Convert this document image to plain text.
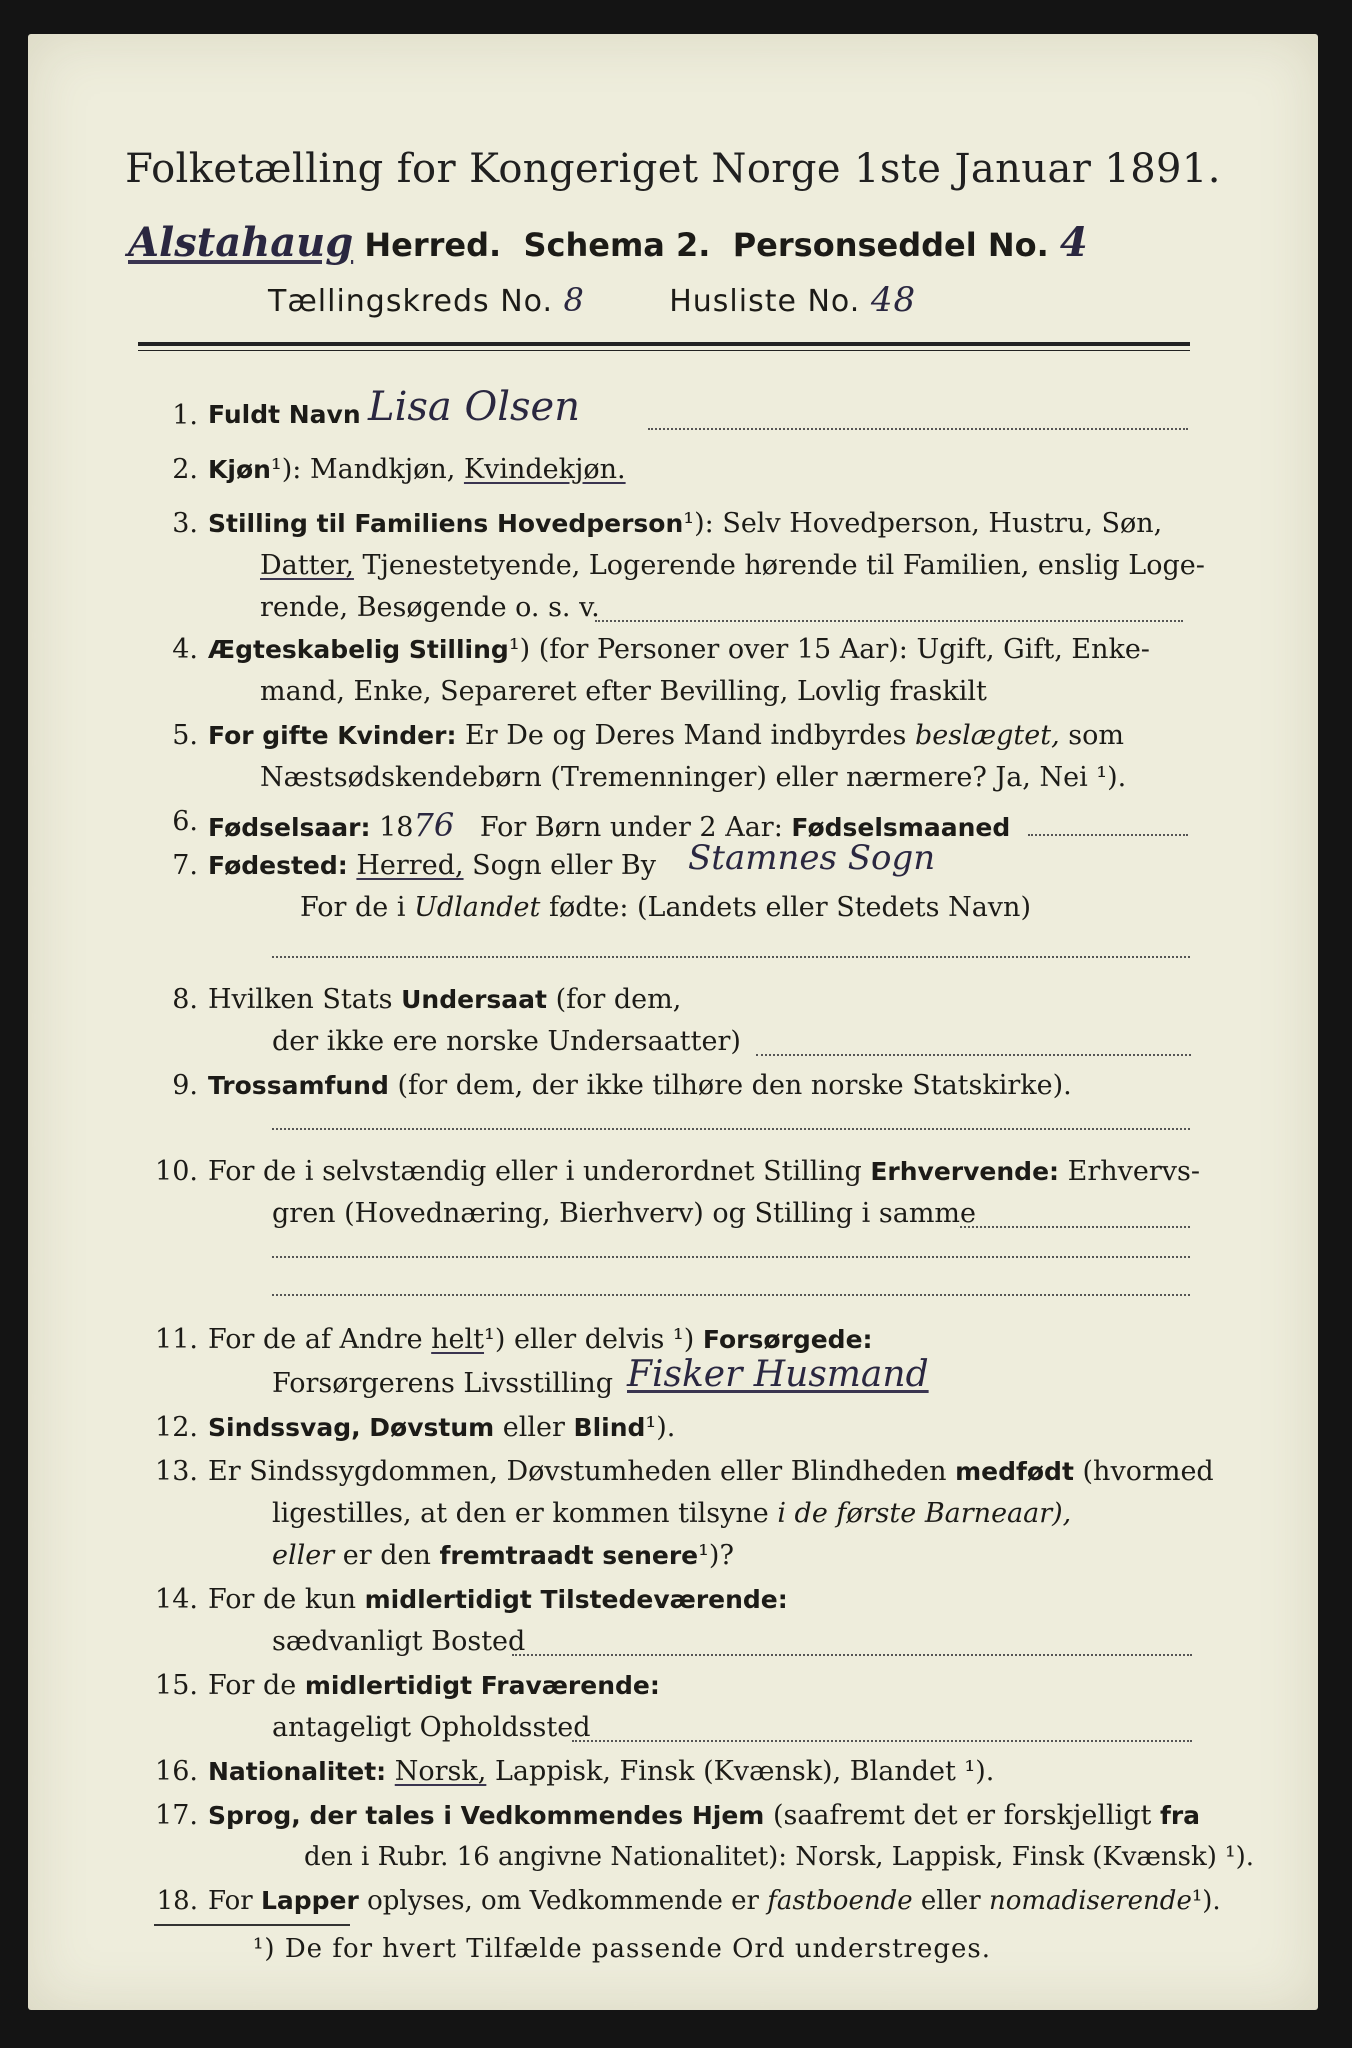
Folketælling for Kongeriget Norge 1ste Januar 1891.
Alstahaug Herred. Schema 2. Personseddel No. 4
Tællingskreds No. 8	Husliste No. 48
1. Fuldt Navn Lisa Olsen
2. Kjøn¹): Mandkjøn, Kvindekjøn.
3. Stilling til Familiens Hovedperson¹): Selv Hovedperson, Hustru, Søn,
Datter, Tjenestetyende, Logerende hørende til Familien, enslig Loge-
rende, Besøgende o. s. v.
4. Ægteskabelig Stilling¹) (for Personer over 15 Aar): Ugift, Gift, Enke-
mand, Enke, Separeret efter Bevilling, Lovlig fraskilt
5. For gifte Kvinder: Er De og Deres Mand indbyrdes beslægtet, som
Næstsødskendebørn (Tremenninger) eller nærmere? Ja, Nei ¹).
6. Fødselsaar: 1876 For Børn under 2 Aar: Fødselsmaaned
7. Fødested: Herred, Sogn eller By Stamnes Sogn
For de i Udlandet fødte: (Landets eller Stedets Navn)
8. Hvilken Stats Undersaat (for dem,
der ikke ere norske Undersaatter)
9. Trossamfund (for dem, der ikke tilhøre den norske Statskirke).
10. For de i selvstændig eller i underordnet Stilling Erhvervende: Erhvervs-
gren (Hovednæring, Bierhverv) og Stilling i samme
11. For de af Andre helt¹) eller delvis ¹) Forsørgede:
Forsørgerens Livsstilling Fisker Husmand
12. Sindssvag, Døvstum eller Blind¹).
13. Er Sindssygdommen, Døvstumheden eller Blindheden medfødt (hvormed
ligestilles, at den er kommen tilsyne i de første Barneaar),
eller er den fremtraadt senere¹)?
14. For de kun midlertidigt Tilstedeværende:
sædvanligt Bosted
15. For de midlertidigt Fraværende:
antageligt Opholdssted
16. Nationalitet: Norsk, Lappisk, Finsk (Kvænsk), Blandet ¹).
17. Sprog, der tales i Vedkommendes Hjem (saafremt det er forskjelligt fra
den i Rubr. 16 angivne Nationalitet): Norsk, Lappisk, Finsk (Kvænsk) ¹).
18. For Lapper oplyses, om Vedkommende er fastboende eller nomadiserende¹).
¹) De for hvert Tilfælde passende Ord understreges.
